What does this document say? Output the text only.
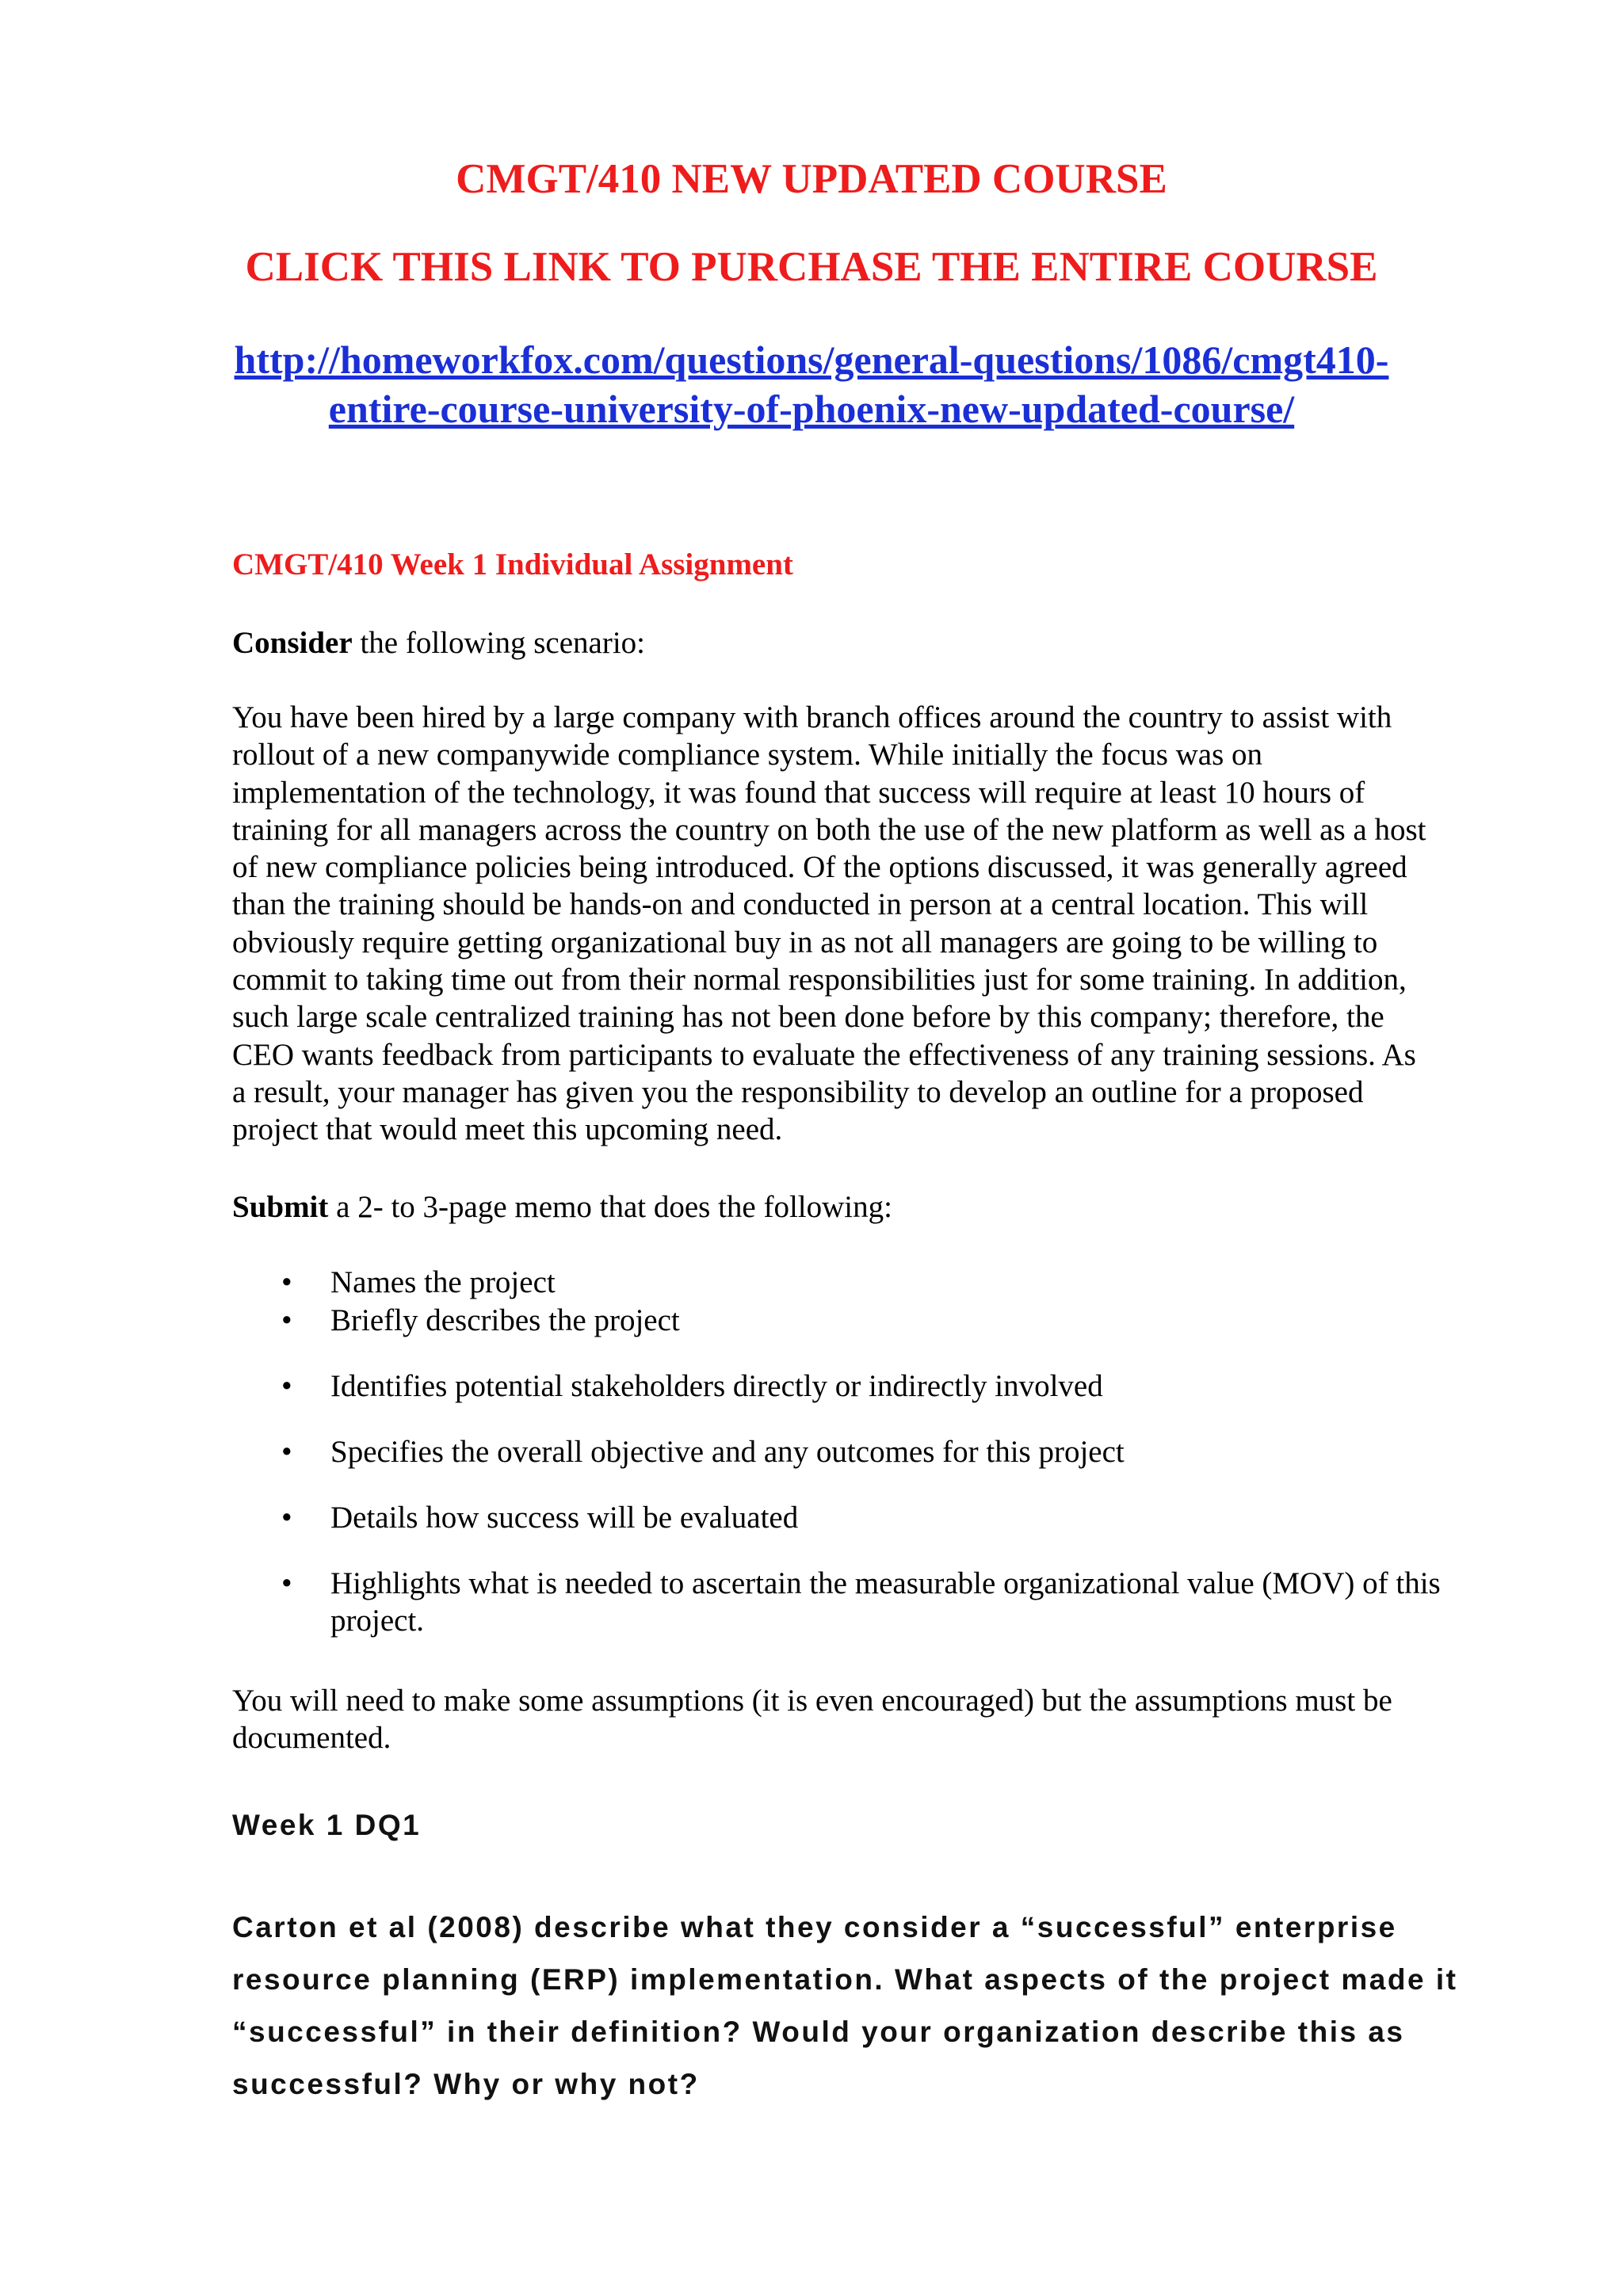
CMGT/410 NEW UPDATED COURSE
CLICK THIS LINK TO PURCHASE THE ENTIRE COURSE
http://homeworkfox.com/questions/general-questions/1086/cmgt410-
entire-course-university-of-phoenix-new-updated-course/
CMGT/410 Week 1 Individual Assignment
Consider the following scenario:
You have been hired by a large company with branch offices around the country to assist with
rollout of a new companywide compliance system. While initially the focus was on
implementation of the technology, it was found that success will require at least 10 hours of
training for all managers across the country on both the use of the new platform as well as a host
of new compliance policies being introduced. Of the options discussed, it was generally agreed
than the training should be hands-on and conducted in person at a central location. This will
obviously require getting organizational buy in as not all managers are going to be willing to
commit to taking time out from their normal responsibilities just for some training. In addition,
such large scale centralized training has not been done before by this company; therefore, the
CEO wants feedback from participants to evaluate the effectiveness of any training sessions. As
a result, your manager has given you the responsibility to develop an outline for a proposed
project that would meet this upcoming need.
Submit a 2- to 3-page memo that does the following:
•	Names the project
•	Briefly describes the project
•	Identifies potential stakeholders directly or indirectly involved
•	Specifies the overall objective and any outcomes for this project
•	Details how success will be evaluated
•	Highlights what is needed to ascertain the measurable organizational value (MOV) of this
project.
You will need to make some assumptions (it is even encouraged) but the assumptions must be
documented.
Week 1 DQ1
Carton et al (2008) describe what they consider a “successful” enterprise
resource planning (ERP) implementation. What aspects of the project made it
“successful” in their definition? Would your organization describe this as
successful? Why or why not?
